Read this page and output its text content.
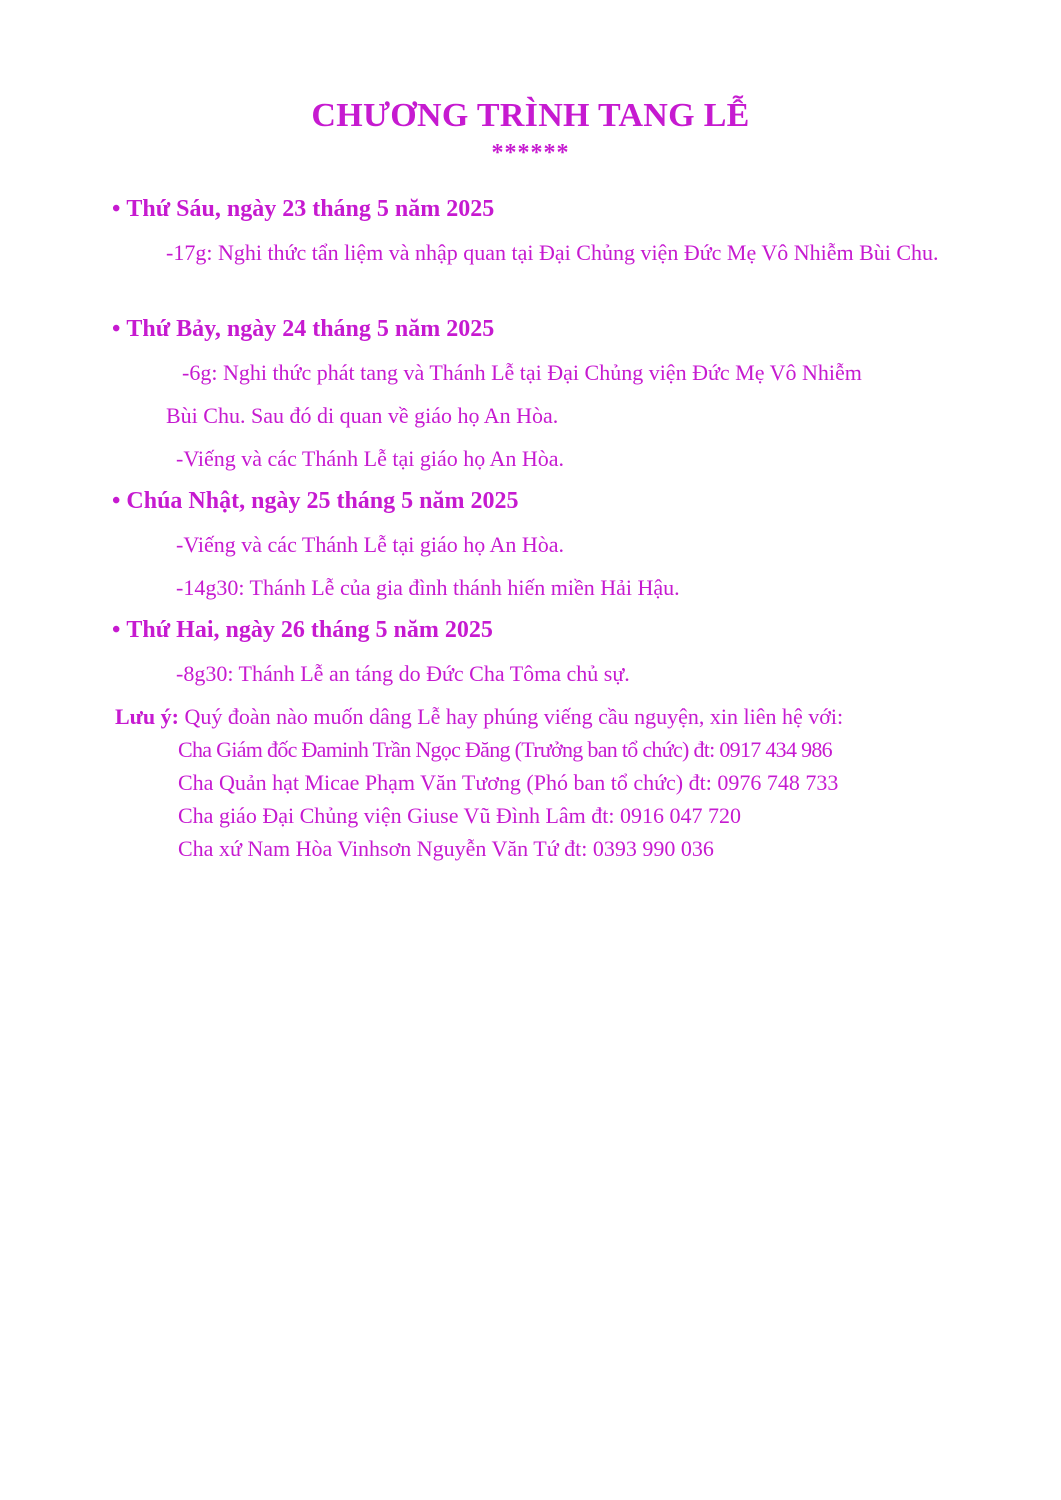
CHƯƠNG TRÌNH TANG LỄ
******
• Thứ Sáu, ngày 23 tháng 5 năm 2025
-17g: Nghi thức tẩn liệm và nhập quan tại Đại Chủng viện Đức Mẹ Vô Nhiễm Bùi Chu.
• Thứ Bảy, ngày 24 tháng 5 năm 2025
-6g: Nghi thức phát tang và Thánh Lễ tại Đại Chủng viện Đức Mẹ Vô Nhiễm
Bùi Chu. Sau đó di quan về giáo họ An Hòa.
-Viếng và các Thánh Lễ tại giáo họ An Hòa.
• Chúa Nhật, ngày 25 tháng 5 năm 2025
-Viếng và các Thánh Lễ tại giáo họ An Hòa.
-14g30: Thánh Lễ của gia đình thánh hiến miền Hải Hậu.
• Thứ Hai, ngày 26 tháng 5 năm 2025
-8g30: Thánh Lễ an táng do Đức Cha Tôma chủ sự.
Lưu ý: Quý đoàn nào muốn dâng Lễ hay phúng viếng cầu nguyện, xin liên hệ với:
Cha Giám đốc Đaminh Trần Ngọc Đăng (Trưởng ban tổ chức) đt: 0917 434 986
Cha Quản hạt Micae Phạm Văn Tương (Phó ban tổ chức) đt: 0976 748 733
Cha giáo Đại Chủng viện Giuse Vũ Đình Lâm đt: 0916 047 720
Cha xứ Nam Hòa Vinhsơn Nguyễn Văn Tứ đt: 0393 990 036
